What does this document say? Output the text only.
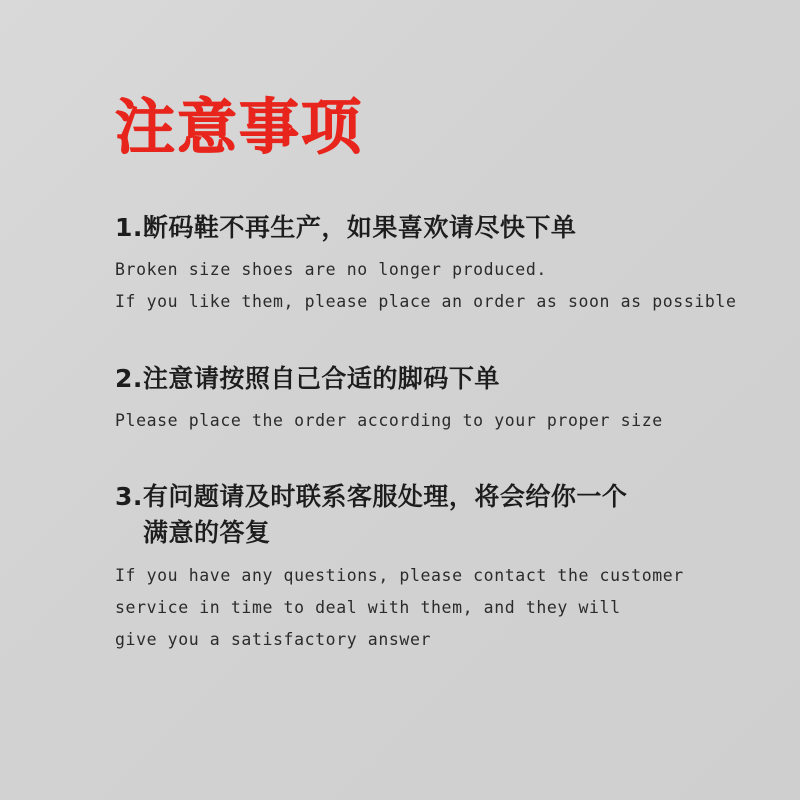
注意事项

1.断码鞋不再生产，如果喜欢请尽快下单

Broken size shoes are no longer produced.
If you like them, please place an order as soon as possible

2.注意请按照自己合适的脚码下单

Please place the order according to your proper size

3.有问题请及时联系客服处理，将会给你一个
满意的答复

If you have any questions, please contact the customer
service in time to deal with them, and they will
give you a satisfactory answer
